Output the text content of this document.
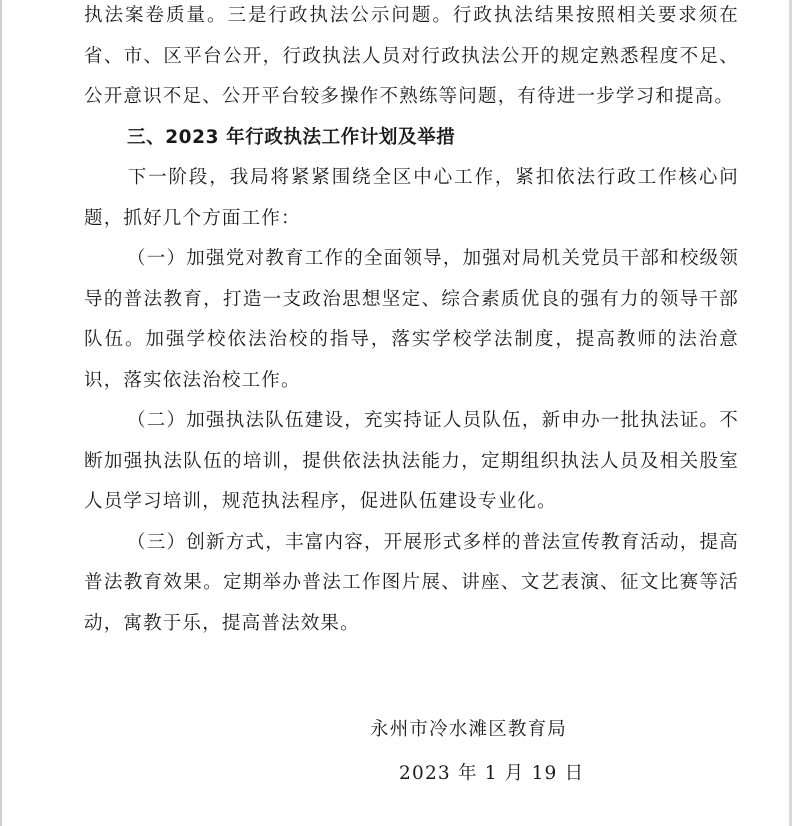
执法案卷质量。三是行政执法公示问题。行政执法结果按照相关要求须在省、市、区平台公开，行政执法人员对行政执法公开的规定熟悉程度不足、公开意识不足、公开平台较多操作不熟练等问题，有待进一步学习和提高。

三、2023 年行政执法工作计划及举措

下一阶段，我局将紧紧围绕全区中心工作，紧扣依法行政工作核心问题，抓好几个方面工作：

（一）加强党对教育工作的全面领导，加强对局机关党员干部和校级领导的普法教育，打造一支政治思想坚定、综合素质优良的强有力的领导干部队伍。加强学校依法治校的指导，落实学校学法制度，提高教师的法治意识，落实依法治校工作。

（二）加强执法队伍建设，充实持证人员队伍，新申办一批执法证。不断加强执法队伍的培训，提供依法执法能力，定期组织执法人员及相关股室人员学习培训，规范执法程序，促进队伍建设专业化。

（三）创新方式，丰富内容，开展形式多样的普法宣传教育活动，提高普法教育效果。定期举办普法工作图片展、讲座、文艺表演、征文比赛等活动，寓教于乐，提高普法效果。

永州市冷水滩区教育局
2023 年 1 月 19 日
